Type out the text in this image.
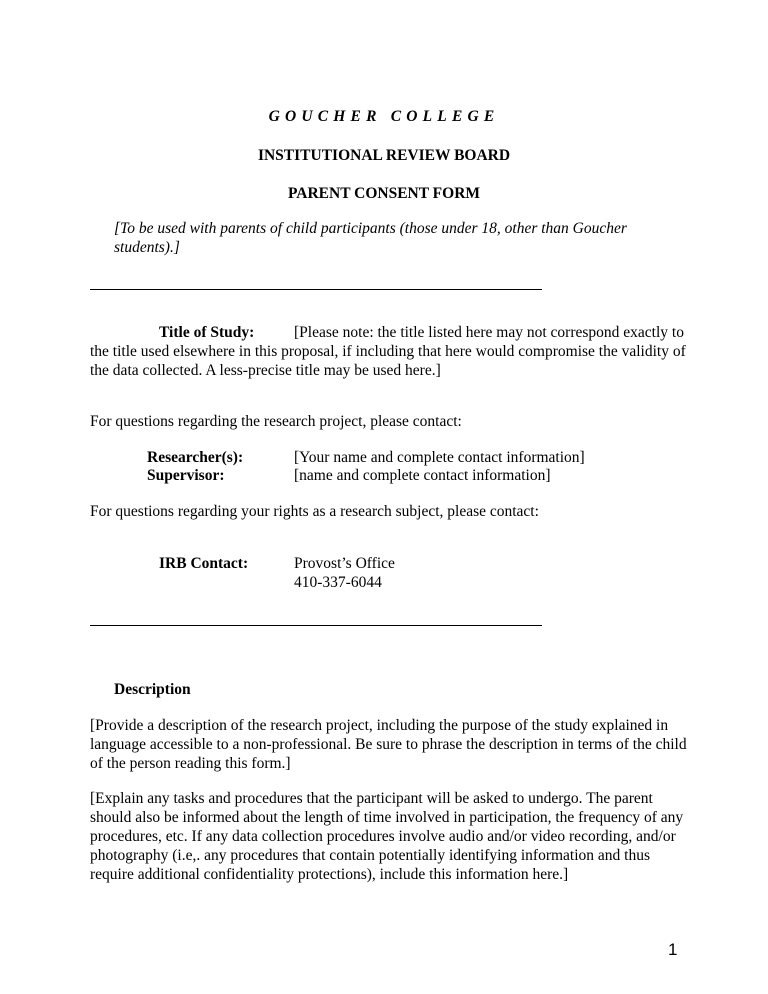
GOUCHER COLLEGE

INSTITUTIONAL REVIEW BOARD

PARENT CONSENT FORM

[To be used with parents of child participants (those under 18, other than Goucher

students).]

Title of Study:	[Please note: the title listed here may not correspond exactly to

the title used elsewhere in this proposal, if including that here would compromise the validity of

the data collected. A less-precise title may be used here.]

For questions regarding the research project, please contact:

Researcher(s):	[Your name and complete contact information]

Supervisor:	[name and complete contact information]

For questions regarding your rights as a research subject, please contact:

IRB Contact:	Provost’s Office

410-337-6044

Description

[Provide a description of the research project, including the purpose of the study explained in

language accessible to a non-professional. Be sure to phrase the description in terms of the child

of the person reading this form.]

[Explain any tasks and procedures that the participant will be asked to undergo. The parent

should also be informed about the length of time involved in participation, the frequency of any

procedures, etc. If any data collection procedures involve audio and/or video recording, and/or

photography (i.e,. any procedures that contain potentially identifying information and thus

require additional confidentiality protections), include this information here.]

1
